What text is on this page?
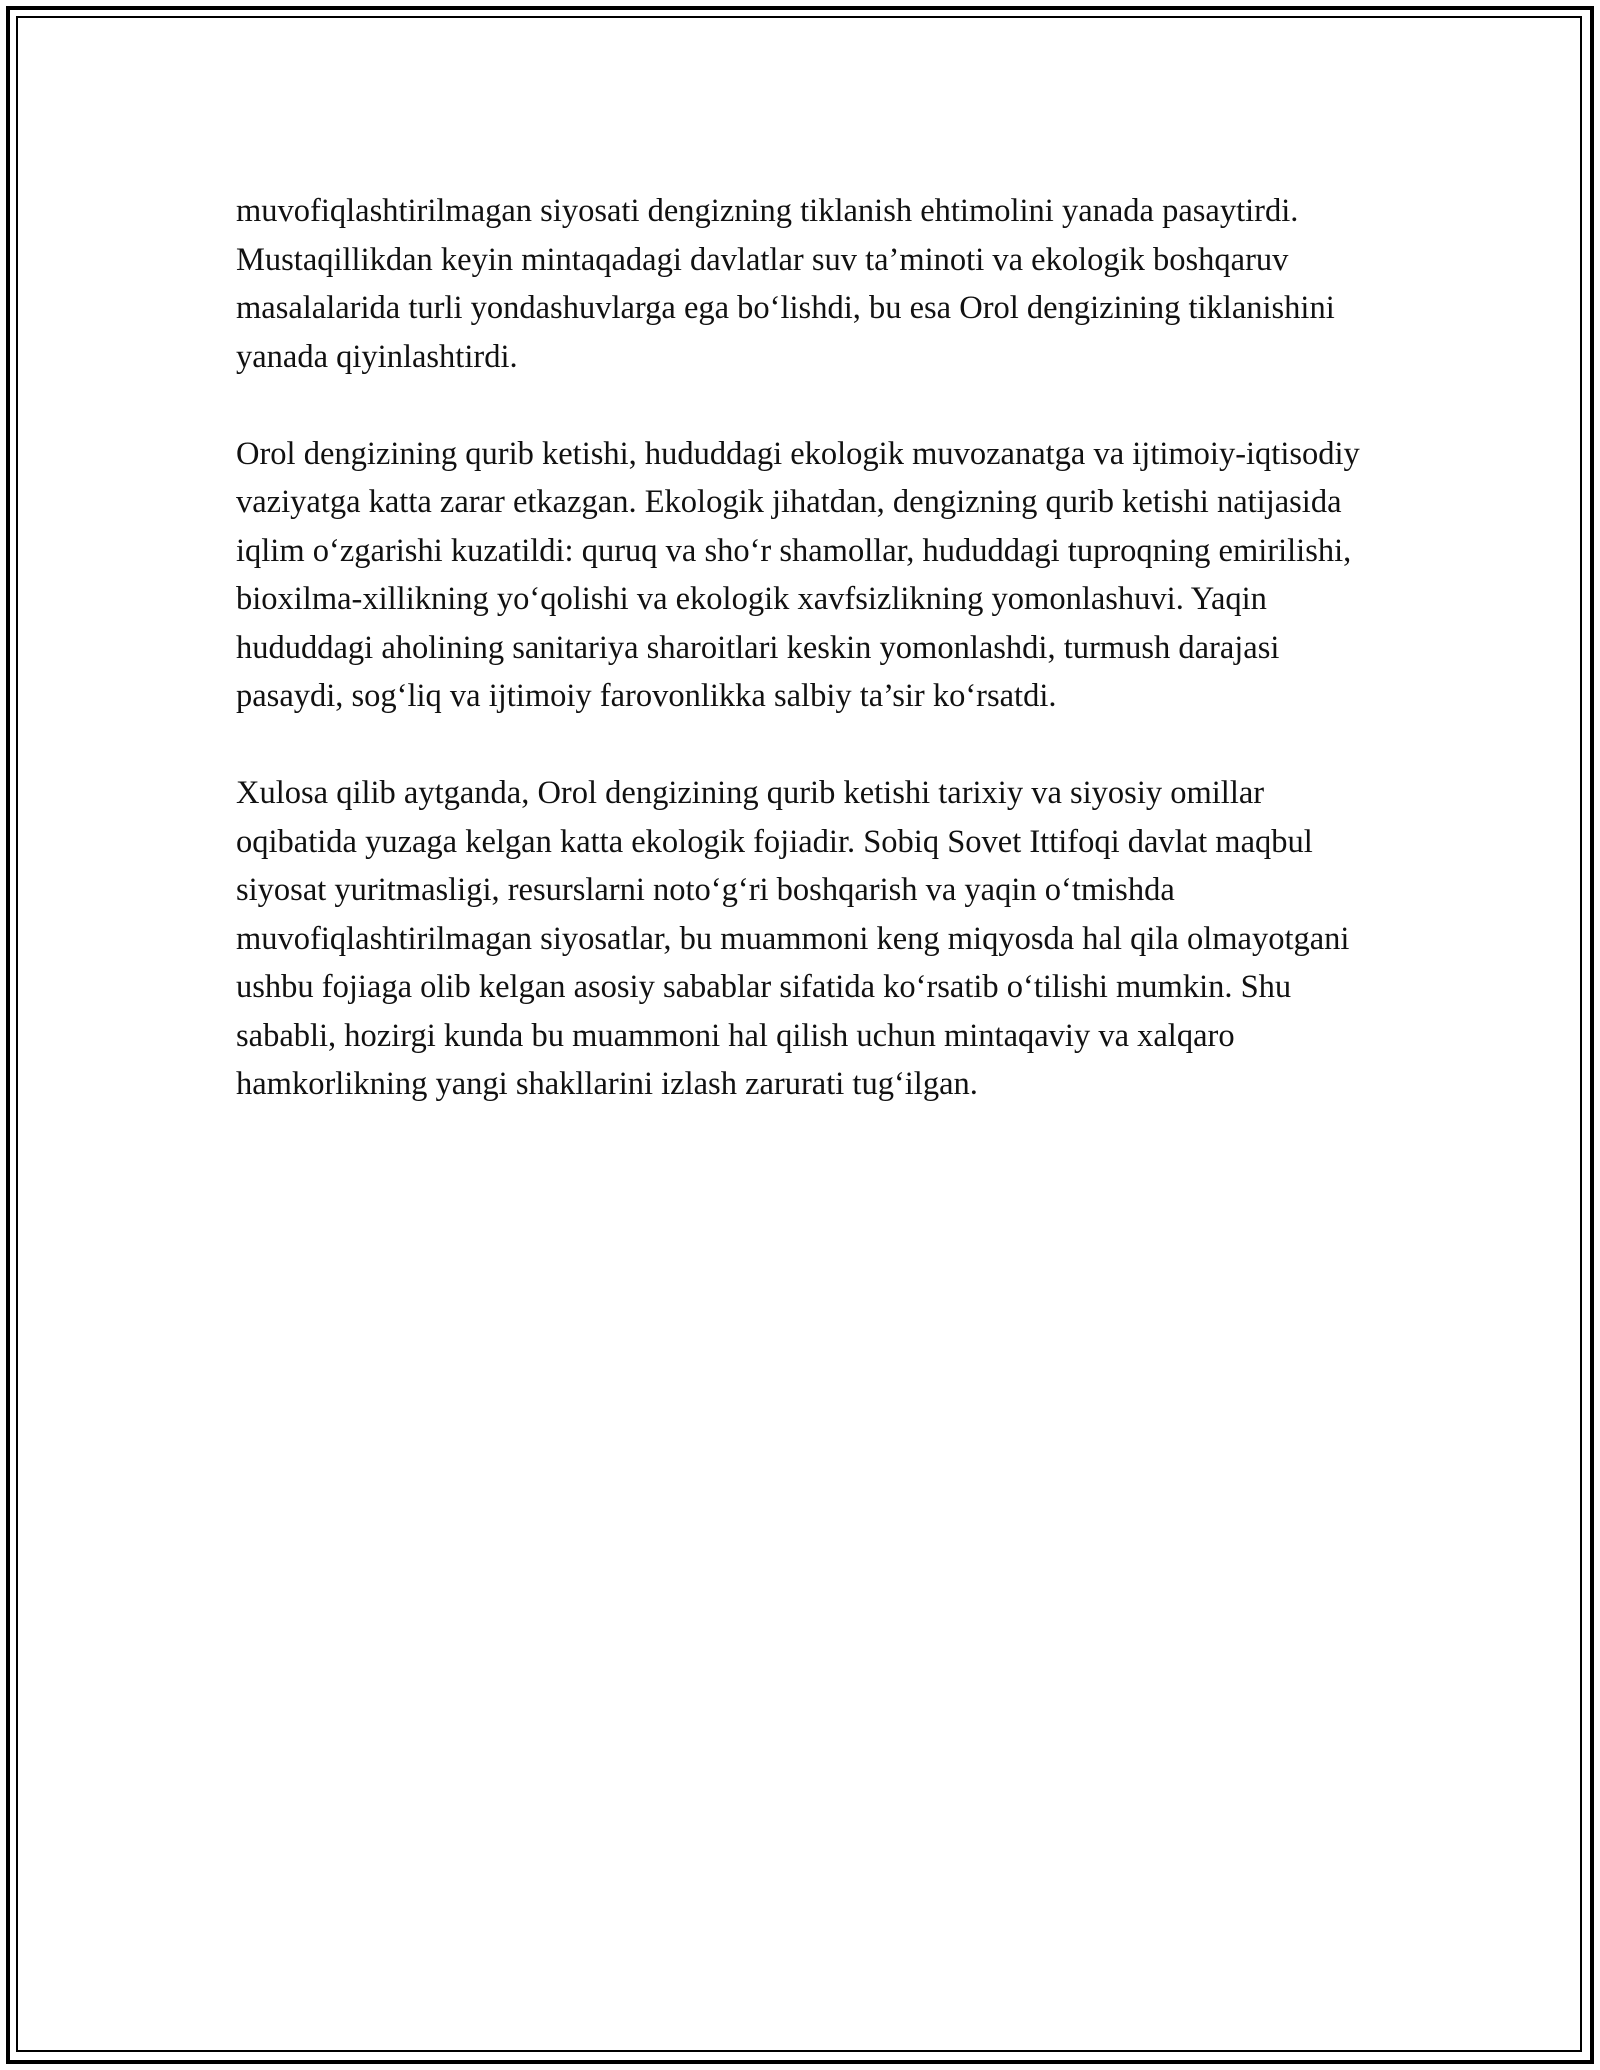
muvofiqlashtirilmagan siyosati dengizning tiklanish ehtimolini yanada pasaytirdi. Mustaqillikdan keyin mintaqadagi davlatlar suv ta’minoti va ekologik boshqaruv masalalarida turli yondashuvlarga ega bo‘lishdi, bu esa Orol dengizining tiklanishini yanada qiyinlashtirdi.

Orol dengizining qurib ketishi, hududdagi ekologik muvozanatga va ijtimoiy-iqtisodiy vaziyatga katta zarar etkazgan. Ekologik jihatdan, dengizning qurib ketishi natijasida iqlim o‘zgarishi kuzatildi: quruq va sho‘r shamollar, hududdagi tuproqning emirilishi, bioxilma-xillikning yo‘qolishi va ekologik xavfsizlikning yomonlashuvi. Yaqin hududdagi aholining sanitariya sharoitlari keskin yomonlashdi, turmush darajasi pasaydi, sog‘liq va ijtimoiy farovonlikka salbiy ta’sir ko‘rsatdi.

Xulosa qilib aytganda, Orol dengizining qurib ketishi tarixiy va siyosiy omillar oqibatida yuzaga kelgan katta ekologik fojiadir. Sobiq Sovet Ittifoqi davlat maqbul siyosat yuritmasligi, resurslarni noto‘g‘ri boshqarish va yaqin o‘tmishda muvofiqlashtirilmagan siyosatlar, bu muammoni keng miqyosda hal qila olmayotgani ushbu fojiaga olib kelgan asosiy sabablar sifatida ko‘rsatib o‘tilishi mumkin. Shu sababli, hozirgi kunda bu muammoni hal qilish uchun mintaqaviy va xalqaro hamkorlikning yangi shakllarini izlash zarurati tug‘ilgan.
